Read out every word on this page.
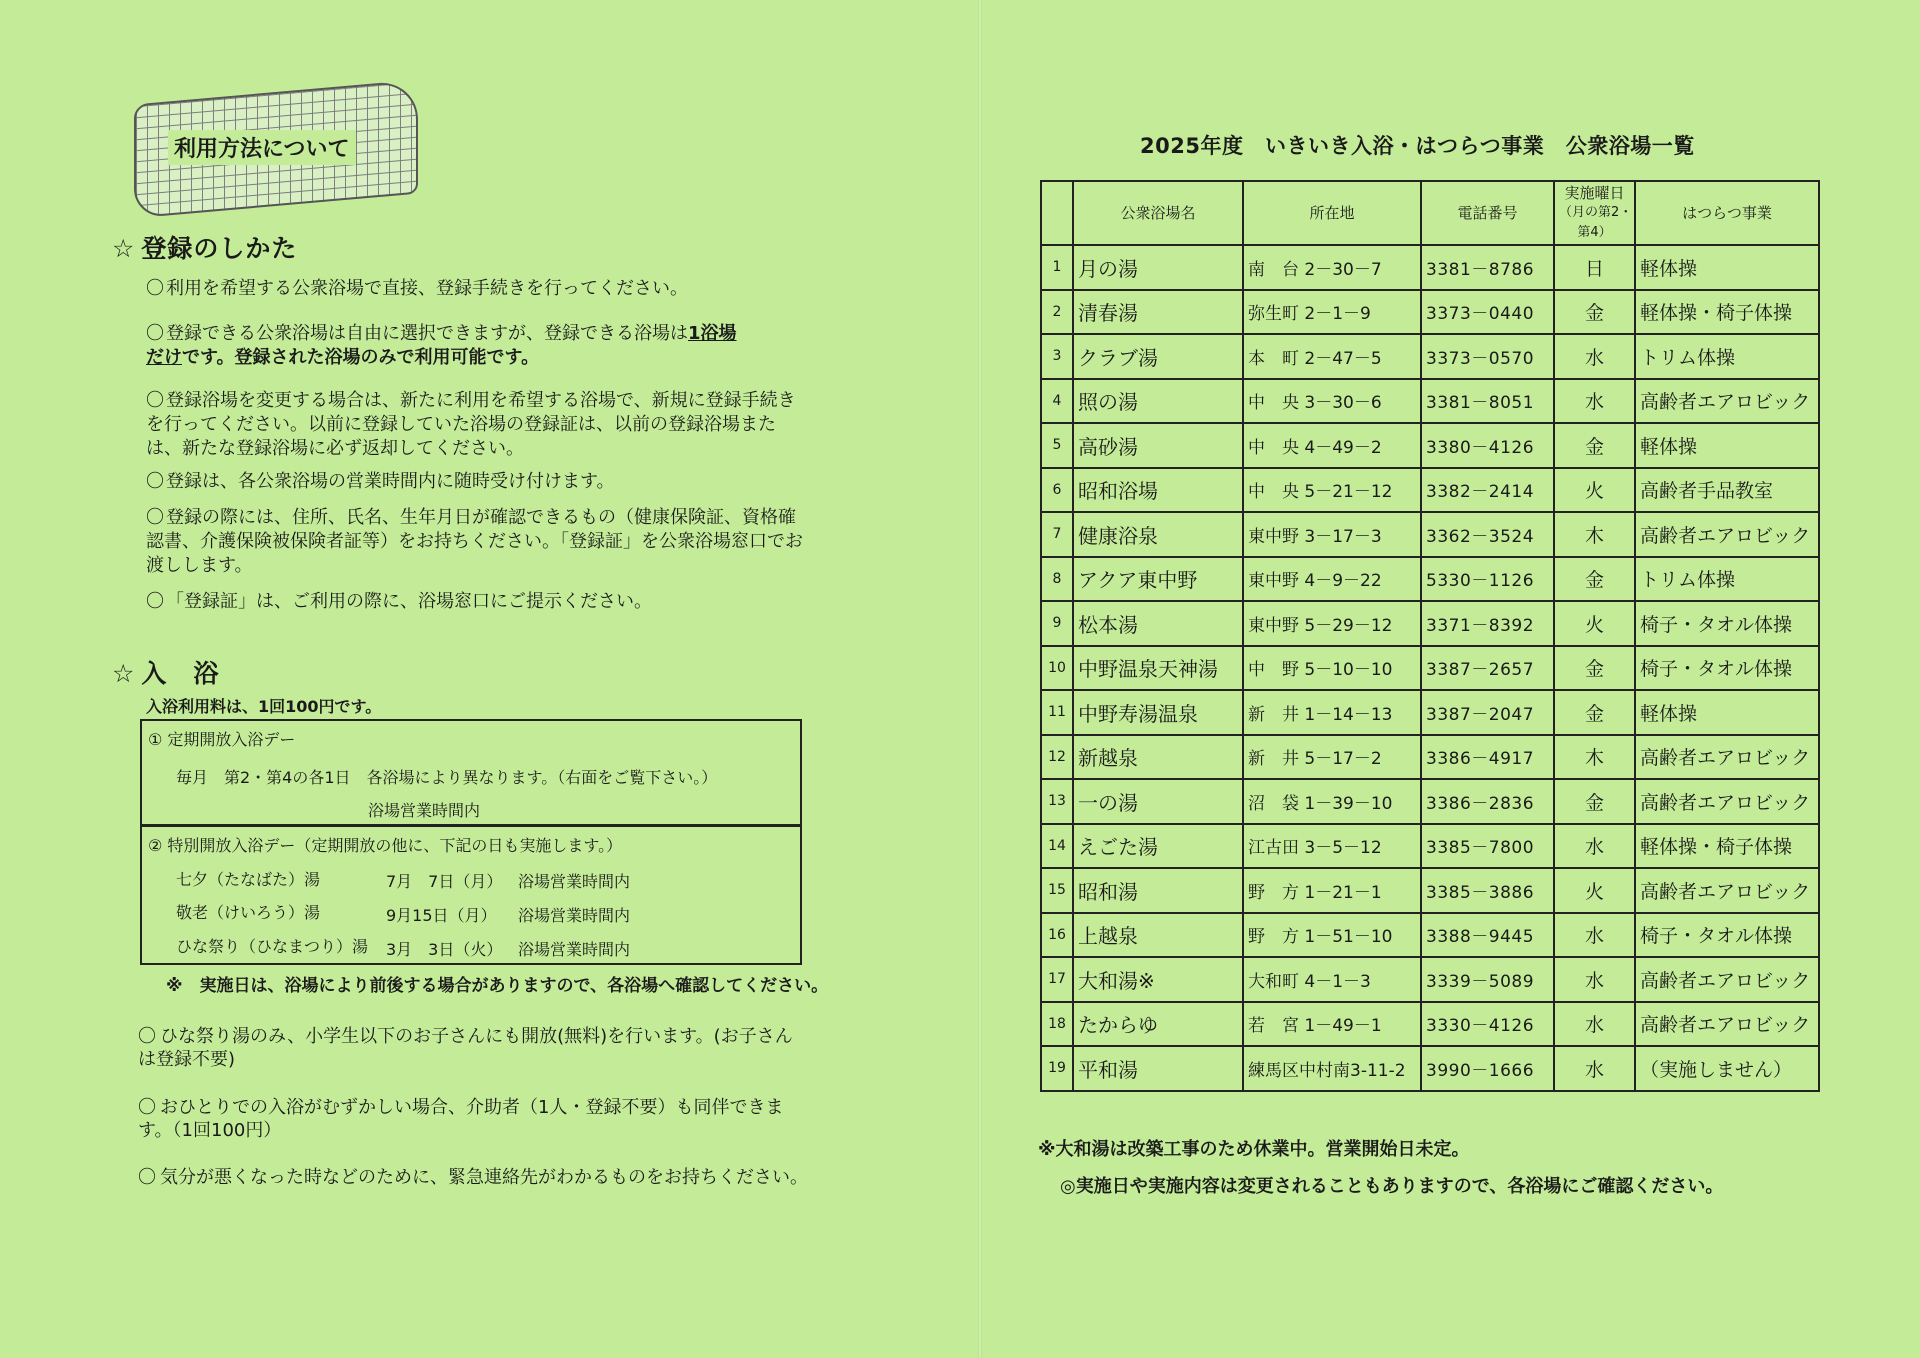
利用方法について
☆ 登録のしかた
〇 利用を希望する公衆浴場で直接、登録手続きを行ってください。
〇 登録できる公衆浴場は自由に選択できますが、登録できる浴場は1浴場
だけです。登録された浴場のみで利用可能です。
〇 登録浴場を変更する場合は、新たに利用を希望する浴場で、新規に登録手続きを行ってください。以前に登録していた浴場の登録証は、以前の登録浴場または、新たな登録浴場に必ず返却してください。
〇 登録は、各公衆浴場の営業時間内に随時受け付けます。
〇 登録の際には、住所、氏名、生年月日が確認できるもの（健康保険証、資格確認書、介護保険被保険者証等）をお持ちください。「登録証」を公衆浴場窓口でお渡しします。
〇 「登録証」は、ご利用の際に、浴場窓口にご提示ください。
☆ 入　浴
入浴利用料は、1回100円です。
① 定期開放入浴デー
毎月　第2・第4の各1日　各浴場により異なります。（右面をご覧下さい。）
浴場営業時間内
② 特別開放入浴デー（定期開放の他に、下記の日も実施します。）
七夕（たなばた）湯	7月　7日（月） 浴場営業時間内
敬老（けいろう）湯	9月15日（月） 浴場営業時間内
ひな祭り（ひなまつり）湯 3月　3日（火） 浴場営業時間内
※　実施日は、浴場により前後する場合がありますので、各浴場へ確認してください。
〇 ひな祭り湯のみ、小学生以下のお子さんにも開放(無料)を行います。(お子さんは登録不要)
〇 おひとりでの入浴がむずかしい場合、介助者（1人・登録不要）も同伴できます。（1回100円）
〇 気分が悪くなった時などのために、緊急連絡先がわかるものをお持ちください。
2025年度　いきいき入浴・はつらつ事業　公衆浴場一覧
	公衆浴場名	所在地	電話番号	実施曜日
（月の第2・
第4）	はつらつ事業
1	月の湯	南　台 2－30－7	3381－8786	日	軽体操
2	清春湯	弥生町 2－1－9	3373－0440	金	軽体操・椅子体操
3	クラブ湯	本　町 2－47－5	3373－0570	水	トリム体操
4	照の湯	中　央 3－30－6	3381－8051	水	高齢者エアロビック
5	高砂湯	中　央 4－49－2	3380－4126	金	軽体操
6	昭和浴場	中　央 5－21－12	3382－2414	火	高齢者手品教室
7	健康浴泉	東中野 3－17－3	3362－3524	木	高齢者エアロビック
8	アクア東中野	東中野 4－9－22	5330－1126	金	トリム体操
9	松本湯	東中野 5－29－12	3371－8392	火	椅子・タオル体操
10	中野温泉天神湯	中　野 5－10－10	3387－2657	金	椅子・タオル体操
11	中野寿湯温泉	新　井 1－14－13	3387－2047	金	軽体操
12	新越泉	新　井 5－17－2	3386－4917	木	高齢者エアロビック
13	一の湯	沼　袋 1－39－10	3386－2836	金	高齢者エアロビック
14	えごた湯	江古田 3－5－12	3385－7800	水	軽体操・椅子体操
15	昭和湯	野　方 1－21－1	3385－3886	火	高齢者エアロビック
16	上越泉	野　方 1－51－10	3388－9445	水	椅子・タオル体操
17	大和湯※	大和町 4－1－3	3339－5089	水	高齢者エアロビック
18	たからゆ	若　宮 1－49－1	3330－4126	水	高齢者エアロビック
19	平和湯	練馬区中村南3-11-2	3990－1666	水	（実施しません）
※大和湯は改築工事のため休業中。営業開始日未定。
◎実施日や実施内容は変更されることもありますので、各浴場にご確認ください。
